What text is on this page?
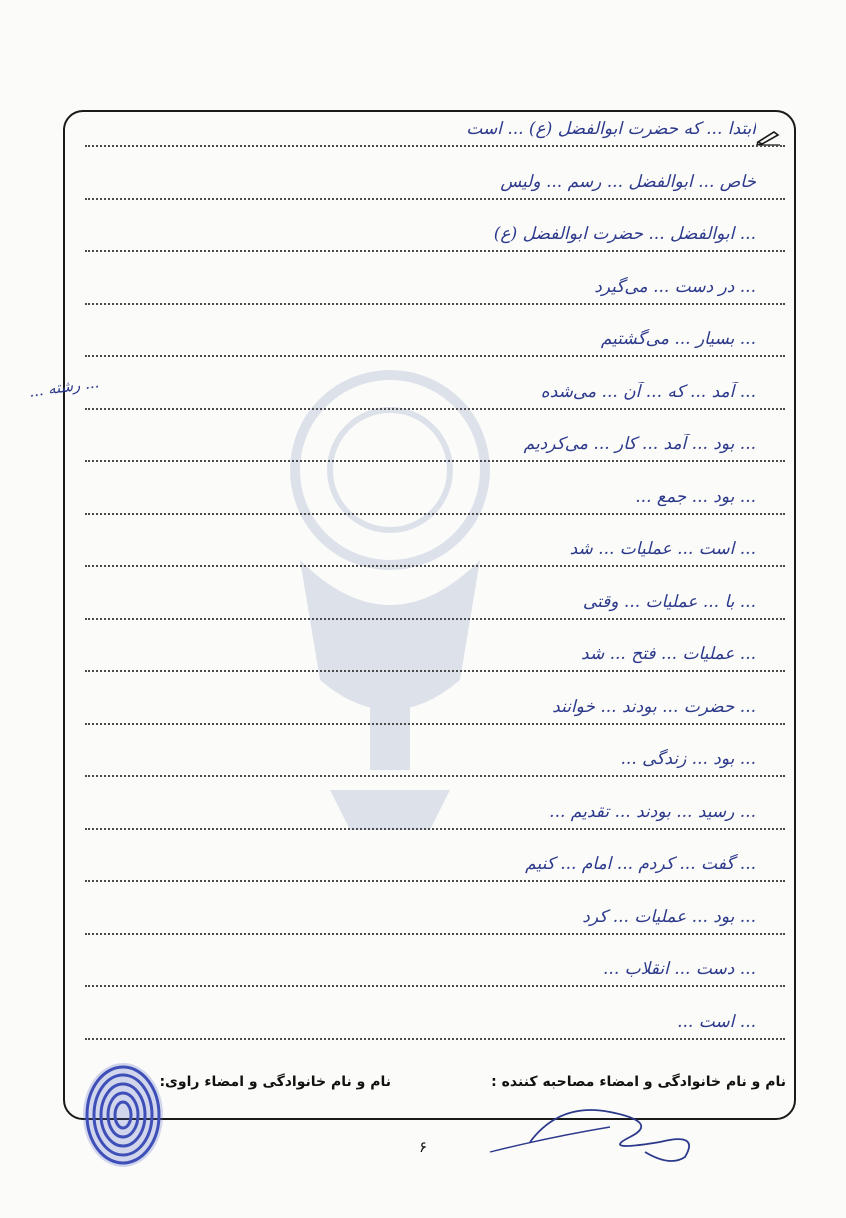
ابتدا ... که حضرت ابوالفضل (ع) ... است
خاص ... ابوالفضل ... رسم ... ولیس
... ابوالفضل ... حضرت ابوالفضل (ع)
... در دست ... می‌گیرد
... بسیار ... می‌گشتیم
... آمد ... که ... آن ... می‌شده
... بود ... آمد ... کار ... می‌کردیم
... بود ... جمع ...
... است ... عملیات ... شد
... با ... عملیات ... وقتی
... عملیات ... فتح ... شد
... حضرت ... بودند ... خوانند
... بود ... زندگی ...
... رسید ... بودند ... تقدیم ...
... گفت ... کردم ... امام ... کنیم
... بود ... عملیات ... کرد
... دست ... انقلاب ...
... است ...
... رشته ...
نام و نام خانوادگی و امضاء مصاحبه کننده :
نام و نام خانوادگی و امضاء راوی:
۶
